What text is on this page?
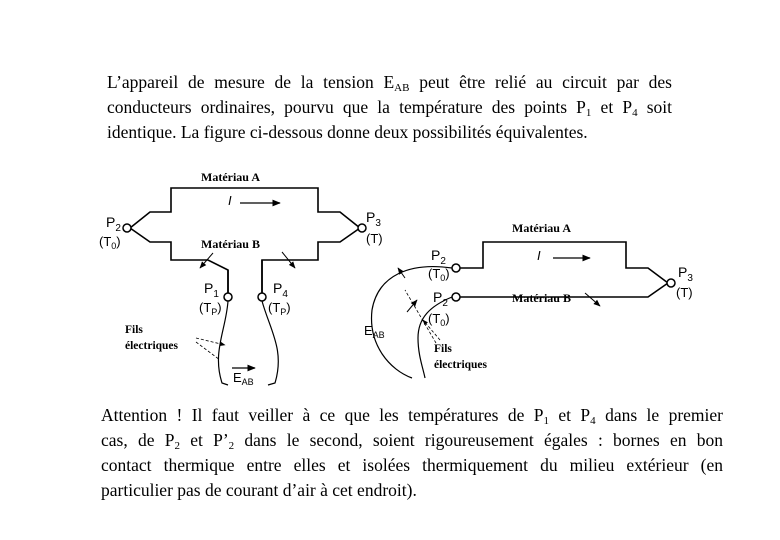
L’appareil de mesure de la tension $E_{AB}$ peut être relié au circuit par des
conducteurs ordinaires, pourvu que la température des points $P_1$ et $P_4$ soit
identique. La figure ci-dessous donne deux possibilités équivalentes.
Matériau A
Matériau B
I
$P_2$
$(T_0)$
$P_3$
(T)
$P_1$
$(T_P)$
$P_4$
$(T_P)$
Fils
électriques
$E_{AB}$
Matériau A
Matériau B
I
$P_2$
$(T_0)$
$P_2$
$(T_0)$
$P_3$
(T)
$E_{AB}$
Fils
électriques
Attention ! Il faut veiller à ce que les températures de $P_1$ et $P_4$ dans le premier
cas, de $P_2$ et $P’_2$ dans le second, soient rigoureusement égales : bornes en bon
contact thermique entre elles et isolées thermiquement du milieu extérieur (en
particulier pas de courant d’air à cet endroit).
